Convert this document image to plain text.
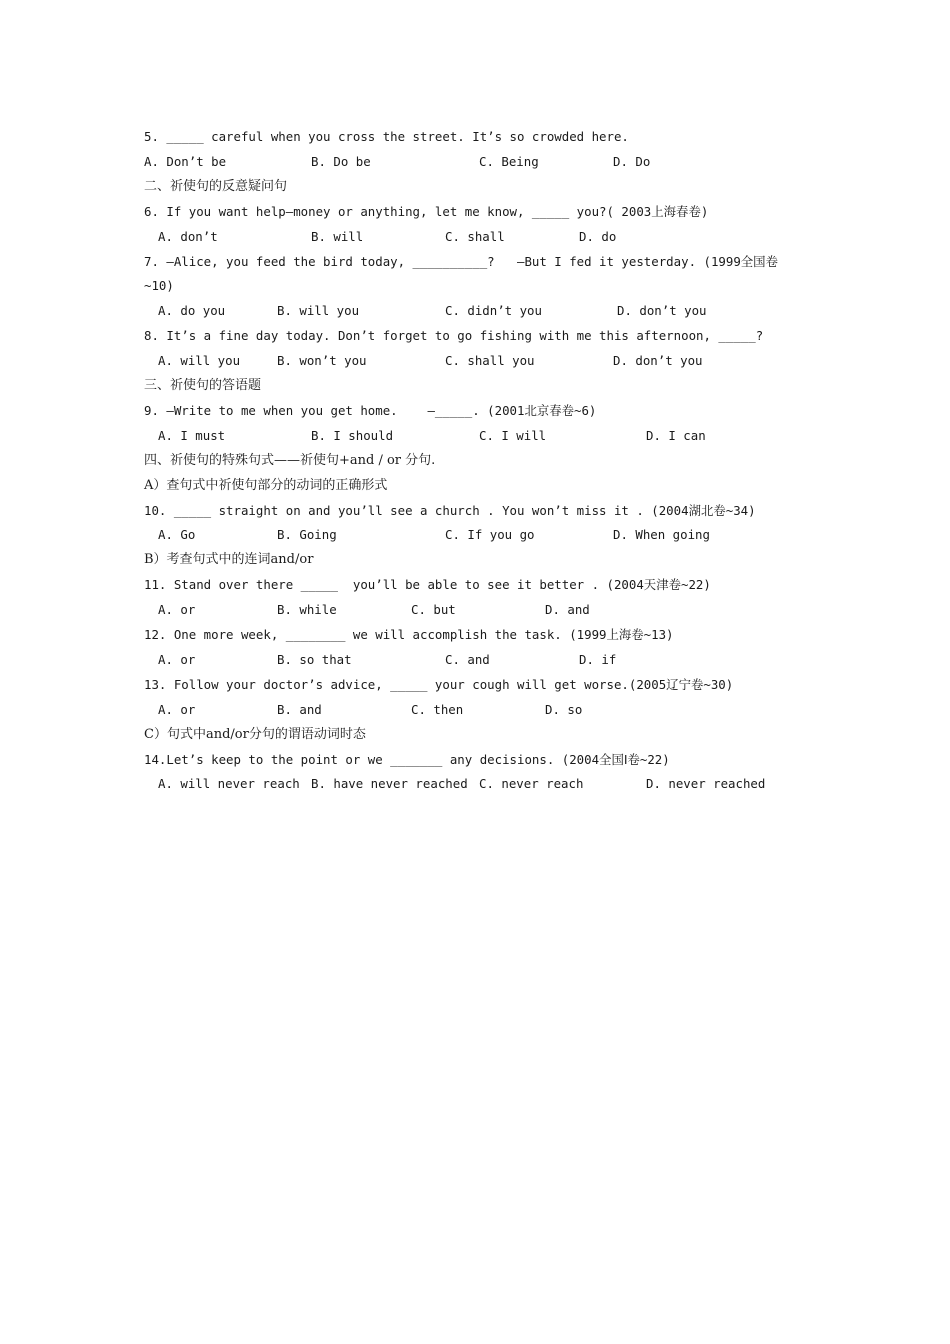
5. _____ careful when you cross the street. It’s so crowded here.
A. Don’t be	B. Do be	C. Being	D. Do
二、祈使句的反意疑问句
6. If you want help—money or anything, let me know, _____ you?( 2003上海春卷)
A. don’t	B. will	C. shall	D. do
7. —Alice, you feed the bird today, __________?   —But I fed it yesterday. (1999全国卷
~10)
A. do you	B. will you	C. didn’t you	D. don’t you
8. It’s a fine day today. Don’t forget to go fishing with me this afternoon, _____?
A. will you	B. won’t you	C. shall you	D. don’t you
三、祈使句的答语题
9. —Write to me when you get home.    —_____. (2001北京春卷~6)
A. I must	B. I should	C. I will	D. I can
四、祈使句的特殊句式——祈使句+and / or 分句.
A）查句式中祈使句部分的动词的正确形式
10. _____ straight on and you’ll see a church . You won’t miss it . (2004湖北卷~34)
A. Go	B. Going	C. If you go	D. When going
B）考查句式中的连词and/or
11. Stand over there _____  you’ll be able to see it better . (2004天津卷~22)
A. or	B. while	C. but	D. and
12. One more week, ________ we will accomplish the task. (1999上海卷~13)
A. or	B. so that	C. and	D. if
13. Follow your doctor’s advice, _____ your cough will get worse.(2005辽宁卷~30)
A. or	B. and	C. then	D. so
C）句式中and/or分句的谓语动词时态
14.Let’s keep to the point or we _______ any decisions. (2004全国Ⅰ卷~22)
A. will never reach B. have never reached C. never reach	D. never reached
